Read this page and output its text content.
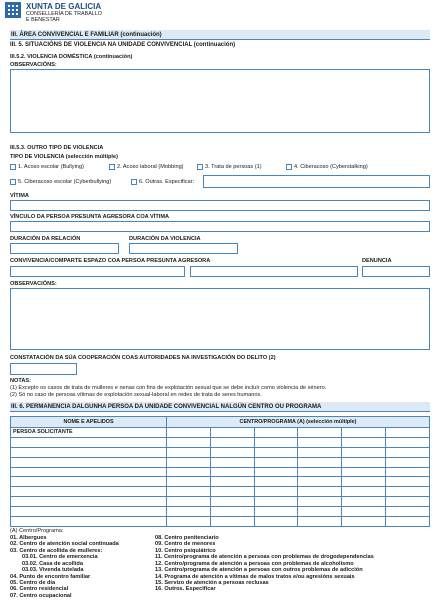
XUNTA DE GALICIA
CONSELLERÍA DE TRABALLO
E BENESTAR
III. ÁREA CONVIVENCIAL E FAMILIAR (continuación)
III. 5. SITUACIÓNS DE VIOLENCIA NA UNIDADE CONVIVENCIAL (continuación)
III.5.2. VIOLENCIA DOMÉSTICA (continuación)
OBSERVACIÓNS:
III.5.3. OUTRO TIPO DE VIOLENCIA
TIPO DE VIOLENCIA (selección múltiple)
1. Acoso escolar (Bullying)	2. Acoso laboral (Mobbing)	3. Trata de persoas (1)	4. Ciberacoso (Cyberstalking)
5. Ciberacoso escolar (Cyberbullying)	6. Outras. Especificar:
VÍTIMA
VÍNCULO DA PERSOA PRESUNTA AGRESORA COA VÍTIMA
DURACIÓN DA RELACIÓN	DURACIÓN DA VIOLENCIA
CONVIVENCIA/COMPARTE ESPAZO COA PERSOA PRESUNTA AGRESORA	DENUNCIA
OBSERVACIÓNS:
CONSTATACIÓN DA SÚA COOPERACIÓN COAS AUTORIDADES NA INVESTIGACIÓN DO DELITO (2)
NOTAS:
(1) Excepto os casos de trata de mulleres e nenas con fins de explotación sexual que se debe incluír como violencia de xénero.
(2) Só no caso de persoas vítimas de explotación sexual-laboral en redes de trata de seres humanos.
III. 6. PERMANENCIA DALGUNHA PERSOA DA UNIDADE CONVIVENCIAL NALGÚN CENTRO OU PROGRAMA
NOME E APELIDOS	CENTRO/PROGRAMA (A) (selección múltiple)					
PERSOA SOLICITANTE						

(A) Centro/Programa:
01. Albergues
02. Centro de atención social continuada
03. Centro de acollida de mulleres:
03.01. Centro de emerxencia
03.02. Casa de acollida
03.03. Vivenda tutelada
04. Punto de encontro familiar
05. Centro de día
06. Centro residencial
07. Centro ocupacional
08. Centro penitenciario
09. Centro de menores
10. Centro psiquiátrico
11. Centro/programa de atención a persoas con problemas de drogodependencias
12. Centro/programa de atención a persoas con problemas de alcoholismo
13. Centro/programa de atención a persoas con outros problemas de adicción
14. Programa de atención a vítimas de malos tratos e/ou agresións sexuais
15. Servizo de atención a persoas reclusas
16. Outros. Especificar
